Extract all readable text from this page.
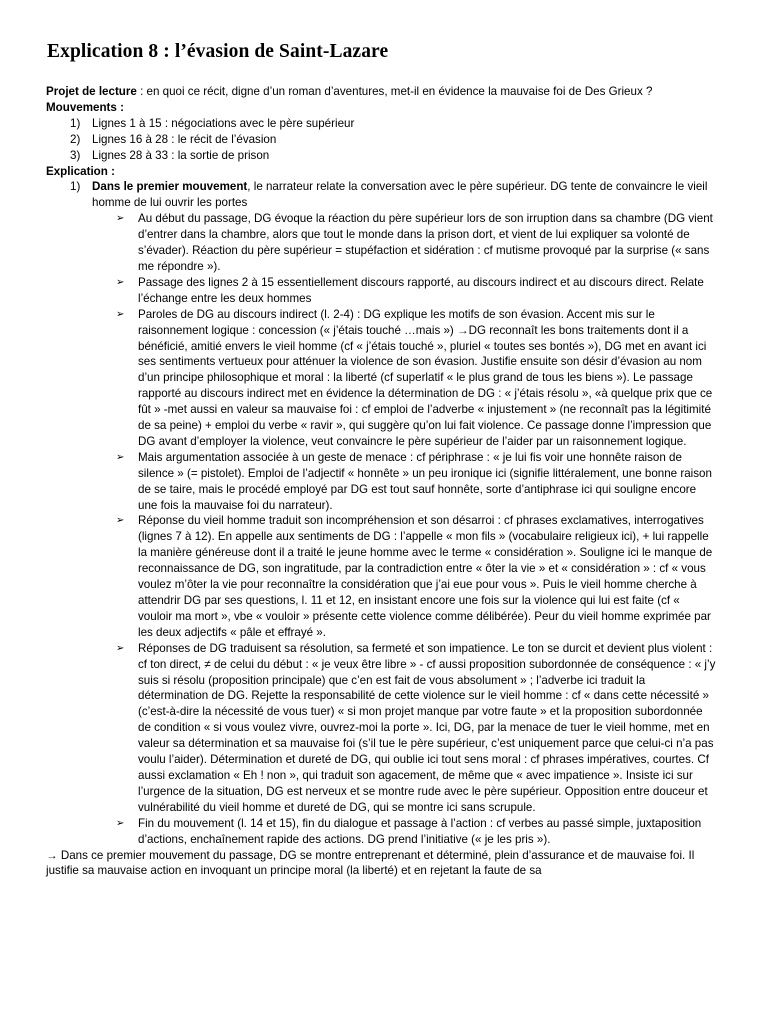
Explication 8 : l’évasion de Saint-Lazare

Projet de lecture : en quoi ce récit, digne d’un roman d’aventures, met-il en évidence la mauvaise foi de Des Grieux ?

Mouvements :

1)	Lignes 1 à 15 : négociations avec le père supérieur
2)	Lignes 16 à 28 : le récit de l’évasion
3)	Lignes 28 à 33 : la sortie de prison

Explication :

1)	Dans le premier mouvement, le narrateur relate la conversation avec le père supérieur. DG tente de convaincre le vieil homme de lui ouvrir les portes

➢	Au début du passage, DG évoque la réaction du père supérieur lors de son irruption dans sa chambre (DG vient d’entrer dans la chambre, alors que tout le monde dans la prison dort, et vient de lui expliquer sa volonté de s’évader). Réaction du père supérieur = stupéfaction et sidération : cf mutisme provoqué par la surprise (« sans me répondre »).
➢	Passage des lignes 2 à 15 essentiellement discours rapporté, au discours indirect et au discours direct. Relate l’échange entre les deux hommes
➢	Paroles de DG au discours indirect (l. 2-4) : DG explique les motifs de son évasion. Accent mis sur le raisonnement logique : concession (« j’étais touché …mais ») →DG reconnaît les bons traitements dont il a bénéficié, amitié envers le vieil homme (cf « j’étais touché », pluriel « toutes ses bontés »), DG met en avant ici ses sentiments vertueux pour atténuer la violence de son évasion. Justifie ensuite son désir d’évasion au nom d’un principe philosophique et moral : la liberté (cf superlatif « le plus grand de tous les biens »). Le passage rapporté au discours indirect met en évidence la détermination de DG : « j’étais résolu », «à quelque prix que ce fût » -met aussi en valeur sa mauvaise foi : cf emploi de l’adverbe « injustement » (ne reconnaît pas la légitimité de sa peine) + emploi du verbe « ravir », qui suggère qu’on lui fait violence. Ce passage donne l’impression que DG avant d’employer la violence, veut convaincre le père supérieur de l’aider par un raisonnement logique.
➢	Mais argumentation associée à un geste de menace : cf périphrase : « je lui fis voir une honnête raison de silence » (= pistolet). Emploi de l’adjectif « honnête » un peu ironique ici (signifie littéralement, une bonne raison de se taire, mais le procédé employé par DG est tout sauf honnête, sorte d’antiphrase ici qui souligne encore une fois la mauvaise foi du narrateur).
➢	Réponse du vieil homme traduit son incompréhension et son désarroi : cf phrases exclamatives, interrogatives (lignes 7 à 12). En appelle aux sentiments de DG : l’appelle « mon fils » (vocabulaire religieux ici), + lui rappelle la manière généreuse dont il a traité le jeune homme avec le terme « considération ». Souligne ici le manque de reconnaissance de DG, son ingratitude, par la contradiction entre « ôter la vie » et « considération » : cf « vous voulez m’ôter la vie pour reconnaître la considération que j’ai eue pour vous ». Puis le vieil homme cherche à attendrir DG par ses questions, l. 11 et 12, en insistant encore une fois sur la violence qui lui est faite (cf « vouloir ma mort », vbe « vouloir » présente cette violence comme délibérée). Peur du vieil homme exprimée par les deux adjectifs « pâle et effrayé ».
➢	Réponses de DG traduisent sa résolution, sa fermeté et son impatience. Le ton se durcit et devient plus violent : cf ton direct, ≠ de celui du début : « je veux être libre » - cf aussi proposition subordonnée de conséquence : « j’y suis si résolu (proposition principale) que c’en est fait de vous absolument » ; l’adverbe ici traduit la détermination de DG. Rejette la responsabilité de cette violence sur le vieil homme : cf « dans cette nécessité » (c’est-à-dire la nécessité de vous tuer) « si mon projet manque par votre faute » et la proposition subordonnée de condition « si vous voulez vivre, ouvrez-moi la porte ». Ici, DG, par la menace de tuer le vieil homme, met en valeur sa détermination et sa mauvaise foi (s’il tue le père supérieur, c’est uniquement parce que celui-ci n’a pas voulu l’aider). Détermination et dureté de DG, qui oublie ici tout sens moral : cf phrases impératives, courtes. Cf aussi exclamation « Eh ! non », qui traduit son agacement, de même que « avec impatience ». Insiste ici sur l’urgence de la situation, DG est nerveux et se montre rude avec le père supérieur. Opposition entre douceur et vulnérabilité du vieil homme et dureté de DG, qui se montre ici sans scrupule.
➢	Fin du mouvement (l. 14 et 15), fin du dialogue et passage à l’action : cf verbes au passé simple, juxtaposition d’actions, enchaînement rapide des actions. DG prend l’initiative (« je les pris »).

→ Dans ce premier mouvement du passage, DG se montre entreprenant et déterminé, plein d’assurance et de mauvaise foi. Il justifie sa mauvaise action en invoquant un principe moral (la liberté) et en rejetant la faute de sa
